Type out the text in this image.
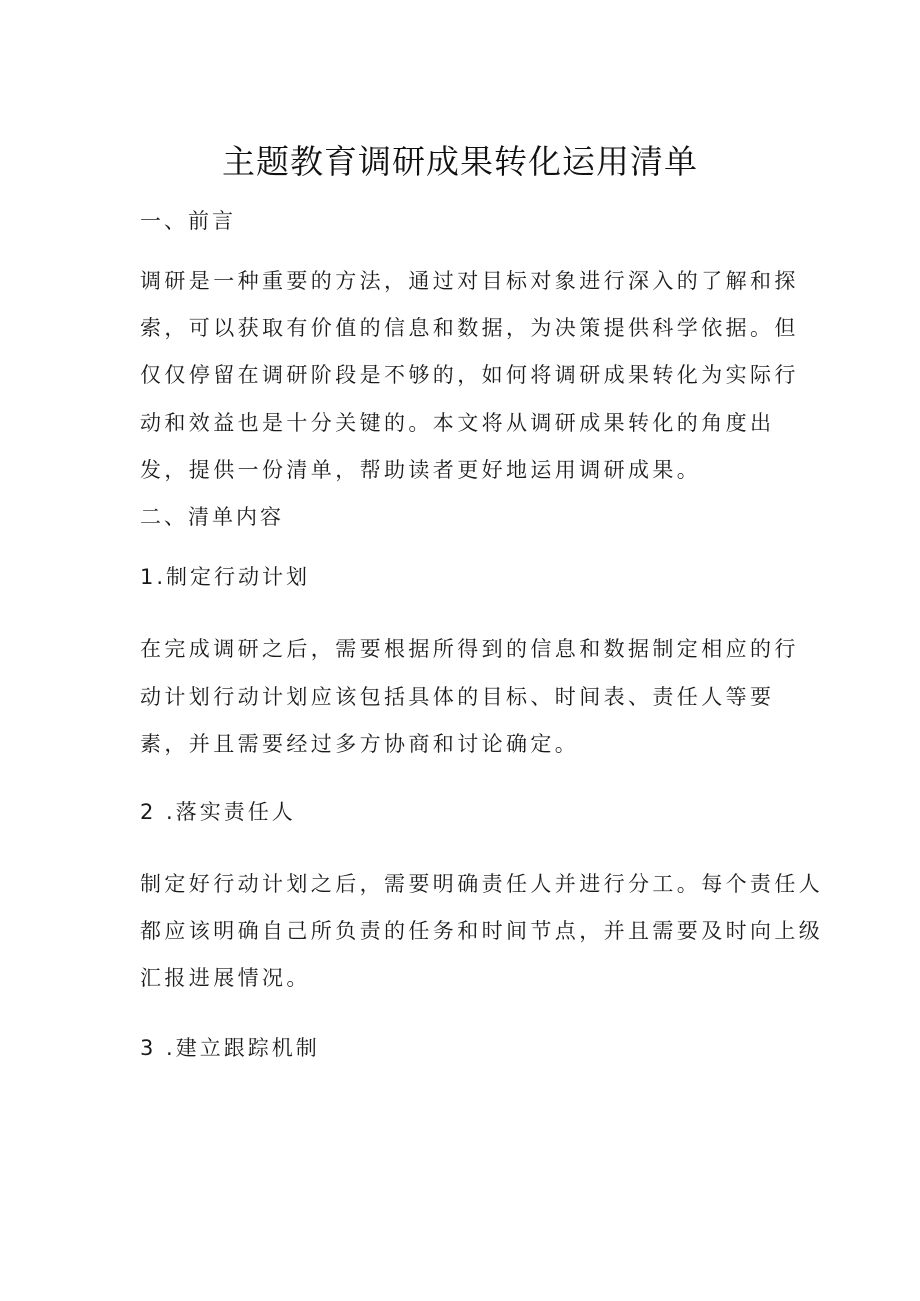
主题教育调研成果转化运用清单
一、前言
调研是一种重要的方法，通过对目标对象进行深入的了解和探
索，可以获取有价值的信息和数据，为决策提供科学依据。但
仅仅停留在调研阶段是不够的，如何将调研成果转化为实际行
动和效益也是十分关键的。本文将从调研成果转化的角度出
发，提供一份清单，帮助读者更好地运用调研成果。
二、清单内容
1.制定行动计划
在完成调研之后，需要根据所得到的信息和数据制定相应的行
动计划行动计划应该包括具体的目标、时间表、责任人等要
素，并且需要经过多方协商和讨论确定。
2 .落实责任人
制定好行动计划之后，需要明确责任人并进行分工。每个责任人
都应该明确自己所负责的任务和时间节点，并且需要及时向上级
汇报进展情况。
3 .建立跟踪机制
